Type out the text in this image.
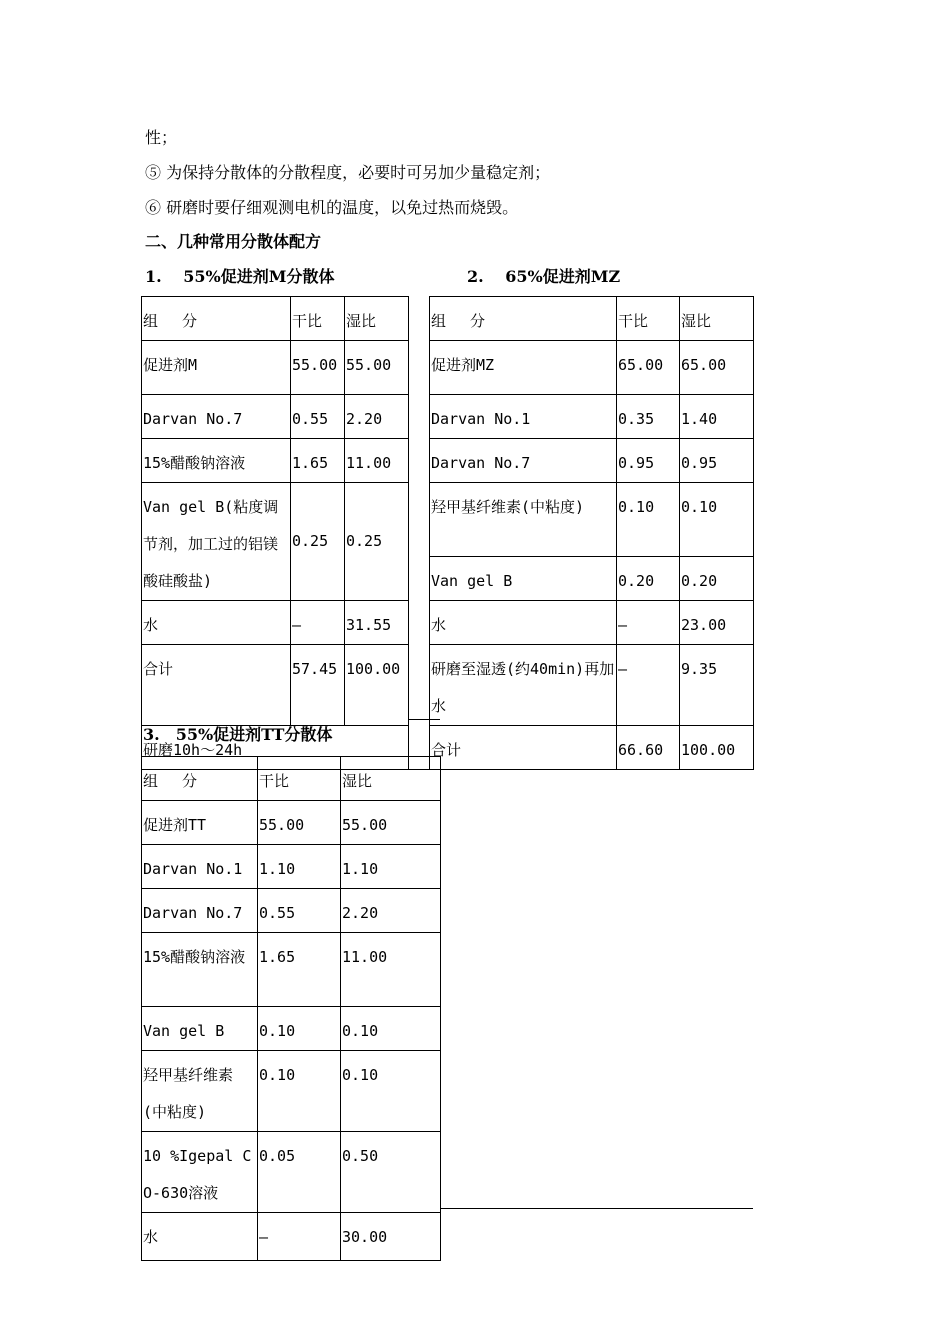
性；
⑤ 为保持分散体的分散程度，必要时可另加少量稳定剂；
⑥ 研磨时要仔细观测电机的温度，以免过热而烧毁。
二、几种常用分散体配方
1.　 55%促进剂M分散体	2.　 65%促进剂MZ
组　 分	干比	湿比		组　 分	干比	湿比
促进剂M	55.00	55.00		促进剂MZ	65.00	65.00
Darvan No.7	0.55	2.20		Darvan No.1	0.35	1.40
15%醋酸钠溶液	1.65	11.00		Darvan No.7	0.95	0.95
Van gel B(粘度调节剂，加工过的铝镁酸硅酸盐)	0.25	0.25		羟甲基纤维素(中粘度)	0.10	0.10
				Van gel B	0.20	0.20
水	—	31.55		水	—	23.00
合计	57.45	100.00		研磨至湿透(约40min)再加水	—	9.35
研磨10h～24h				合计	66.60	100.00
3.　55%促进剂TT分散体
组　 分	干比	湿比
促进剂TT	55.00	55.00
Darvan No.1	1.10	1.10
Darvan No.7	0.55	2.20
15%醋酸钠溶液	1.65	11.00
Van gel B	0.10	0.10
羟甲基纤维素(中粘度)	0.10	0.10
10 %Igepal CO-630溶液	0.05	0.50
水	—	30.00
